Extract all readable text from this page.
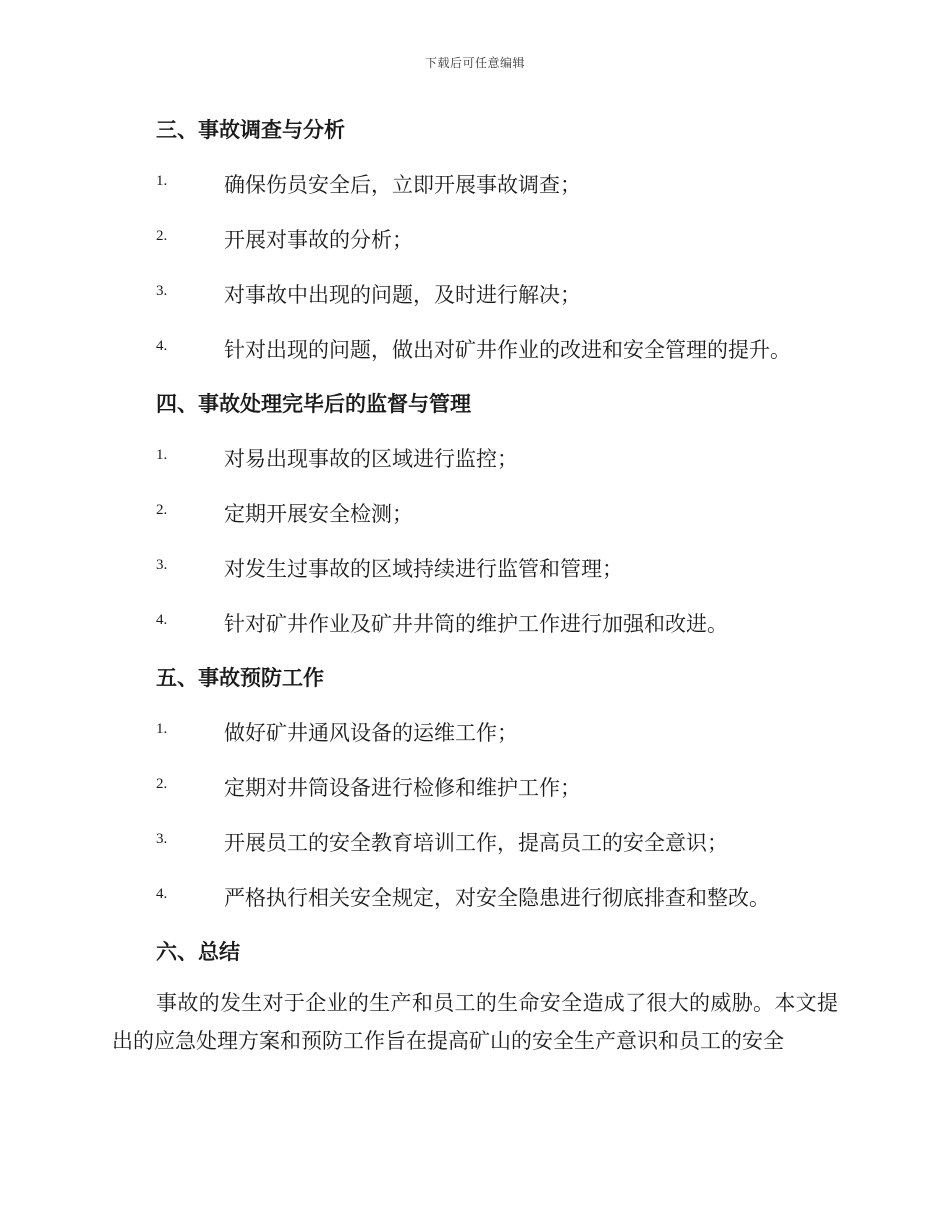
下载后可任意编辑
三、事故调查与分析
1.	确保伤员安全后，立即开展事故调查；
2.	开展对事故的分析；
3.	对事故中出现的问题，及时进行解决；
4.	针对出现的问题，做出对矿井作业的改进和安全管理的提升。
四、事故处理完毕后的监督与管理
1.	对易出现事故的区域进行监控；
2.	定期开展安全检测；
3.	对发生过事故的区域持续进行监管和管理；
4.	针对矿井作业及矿井井筒的维护工作进行加强和改进。
五、事故预防工作
1.	做好矿井通风设备的运维工作；
2.	定期对井筒设备进行检修和维护工作；
3.	开展员工的安全教育培训工作，提高员工的安全意识；
4.	严格执行相关安全规定，对安全隐患进行彻底排查和整改。
六、总结
事故的发生对于企业的生产和员工的生命安全造成了很大的威胁。本文提出的应急处理方案和预防工作旨在提高矿山的安全生产意识和员工的安全
